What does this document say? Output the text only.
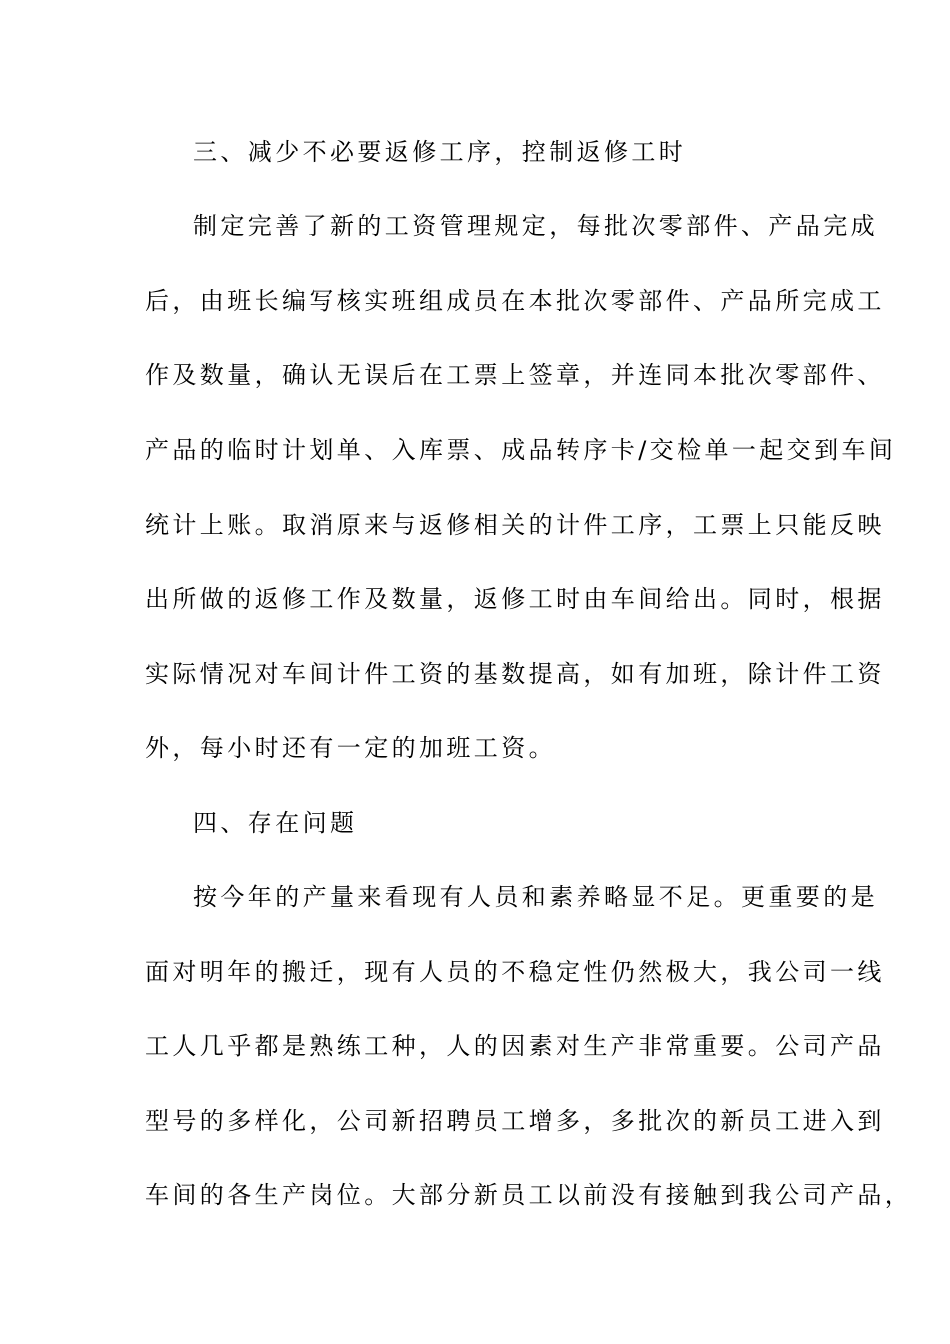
三、减少不必要返修工序，控制返修工时
制定完善了新的工资管理规定，每批次零部件、产品完成
后，由班长编写核实班组成员在本批次零部件、产品所完成工
作及数量，确认无误后在工票上签章，并连同本批次零部件、
产品的临时计划单、入库票、成品转序卡/交检单一起交到车间
统计上账。取消原来与返修相关的计件工序，工票上只能反映
出所做的返修工作及数量，返修工时由车间给出。同时，根据
实际情况对车间计件工资的基数提高，如有加班，除计件工资
外，每小时还有一定的加班工资。
四、存在问题
按今年的产量来看现有人员和素养略显不足。更重要的是
面对明年的搬迁，现有人员的不稳定性仍然极大，我公司一线
工人几乎都是熟练工种，人的因素对生产非常重要。公司产品
型号的多样化，公司新招聘员工增多，多批次的新员工进入到
车间的各生产岗位。大部分新员工以前没有接触到我公司产品，
